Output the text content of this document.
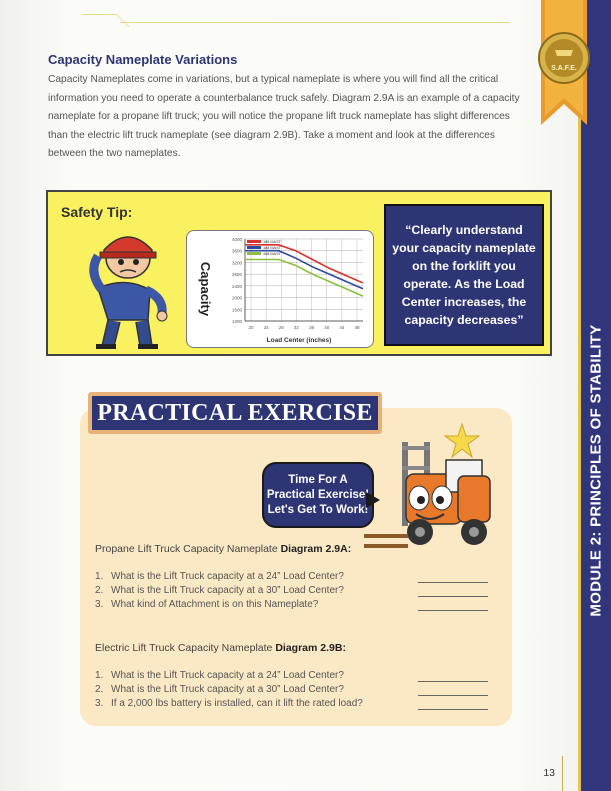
MODULE 2: PRINCIPLES OF STABILITY
S.A.F.E.
Capacity Nameplate Variations
Capacity Nameplates come in variations, but a typical nameplate is where you will find all the critical information you need to operate a counterbalance truck safely. Diagram 2.9A is an example of a capacity nameplate for a propane lift truck; you will notice the propane lift truck nameplate has slight differences than the electric lift truck nameplate (see diagram 2.9B). Take a moment and look at the differences between the two nameplates.
Safety Tip:
Capacity
Load Center (inches)
4000
3600
3200
2800
2400
2000
1600
1200
20 24 28 32 36 40 44 48
188 MAST
188 MAST
168 MAST
“Clearly understand your capacity nameplate on the forklift you operate. As the Load Center increases, the capacity decreases”
PRACTICAL EXERCISE
Time For A
Practical Exercise!
Let's Get To Work!
Propane Lift Truck Capacity Nameplate Diagram 2.9A:
1. What is the Lift Truck capacity at a 24” Load Center?
2. What is the Lift Truck capacity at a 30” Load Center?
3. What kind of Attachment is on this Nameplate?
Electric Lift Truck Capacity Nameplate Diagram 2.9B:
1. What is the Lift Truck capacity at a 24” Load Center?
2. What is the Lift Truck capacity at a 30” Load Center?
3. If a 2,000 lbs battery is installed, can it lift the rated load?
13
